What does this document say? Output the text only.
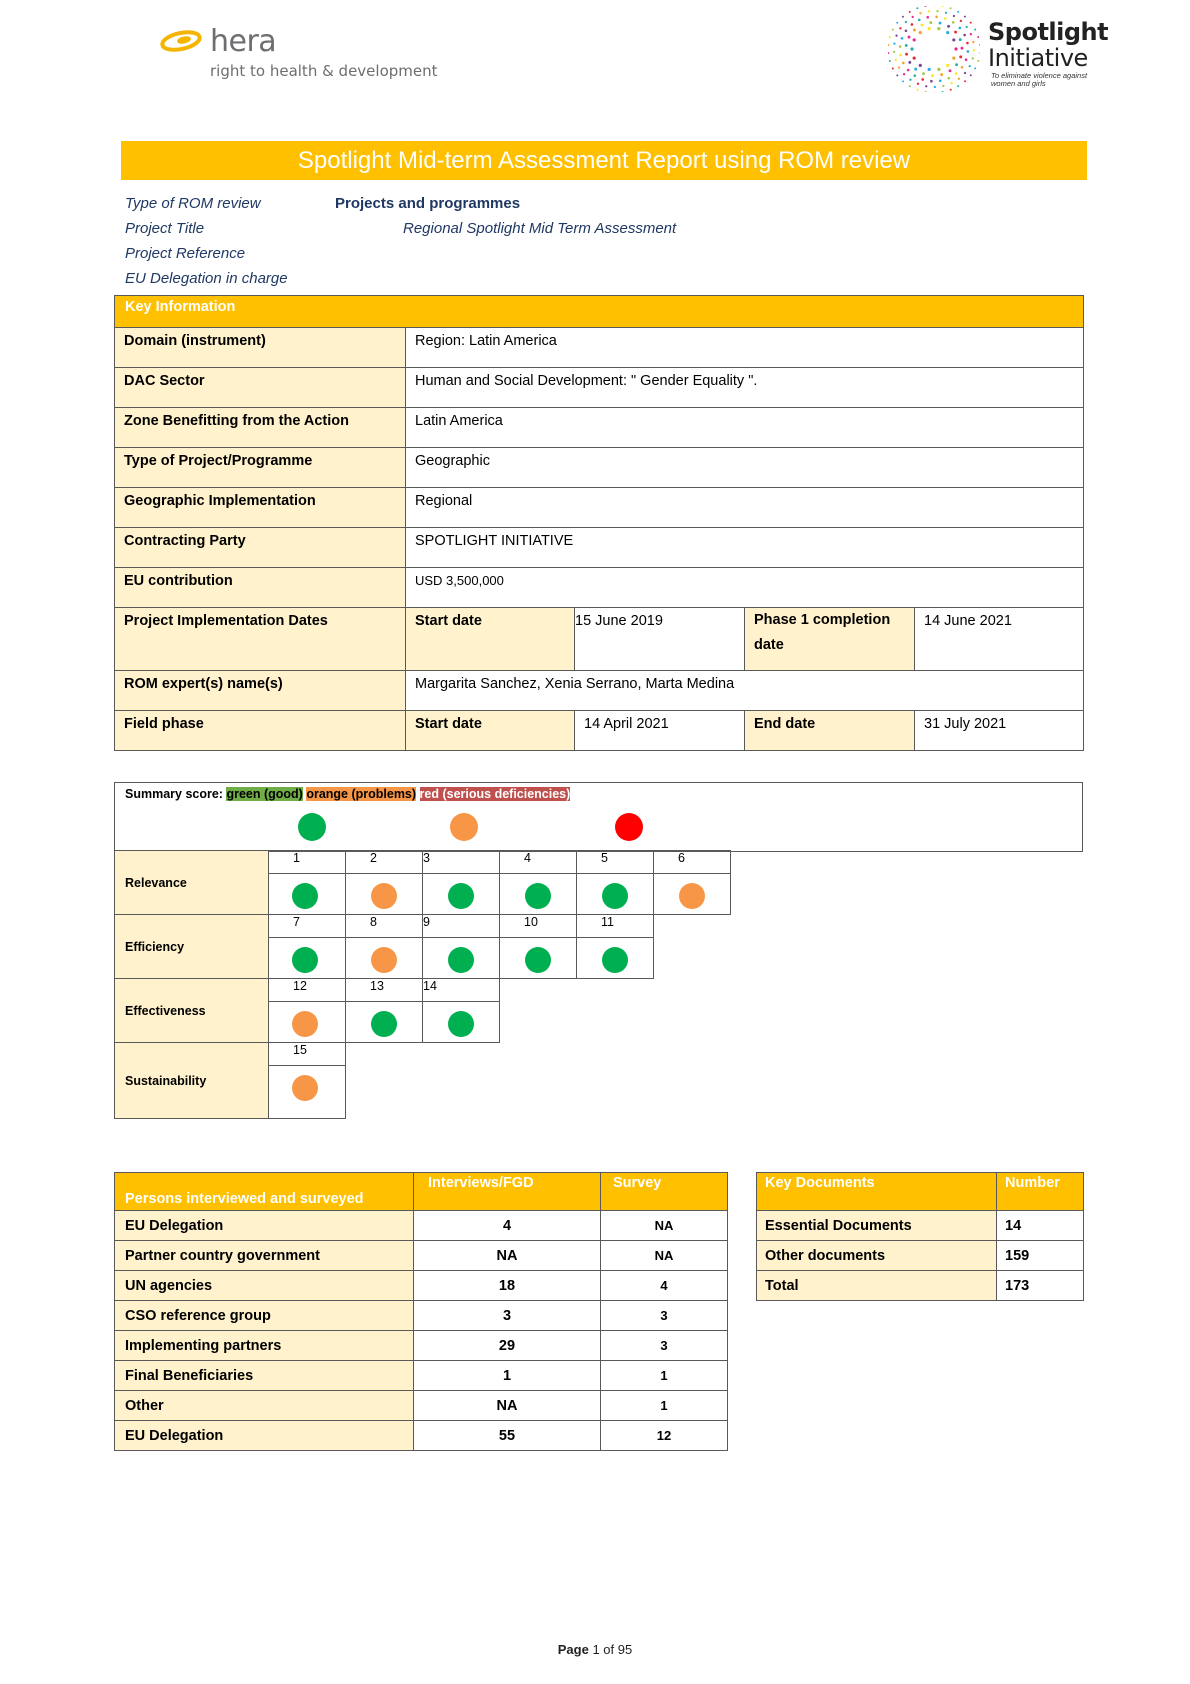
hera
right to health & development
Spotlight
Initiative
To eliminate violence against women and girls
Spotlight Mid-term Assessment Report using ROM review
Type of ROM review	Projects and programmes
Project Title	Regional Spotlight Mid Term Assessment
Project Reference
EU Delegation in charge
Key Information				
Domain (instrument)	Region: Latin America			
DAC Sector	Human and Social Development: " Gender Equality ".			
Zone Benefitting from the Action	Latin America			
Type of Project/Programme	Geographic			
Geographic Implementation	Regional			
Contracting Party	SPOTLIGHT INITIATIVE			
EU contribution	USD 3,500,000			
Project Implementation Dates	Start date	15 June 2019	Phase 1 completion date	14 June 2021
ROM expert(s) name(s)	Margarita Sanchez, Xenia Serrano, Marta Medina			
Field phase	Start date	14 April 2021	End date	31 July 2021
Summary score: green (good) orange (problems) red (serious deficiencies)
Relevance	1	2	3	4	5	6

Efficiency	7	8	9	10	11	

Effectiveness	12	13	14			

Sustainability	15					

Persons interviewed and surveyed	Interviews/FGD	Survey
EU Delegation	4	NA
Partner country government	NA	NA
UN agencies	18	4
CSO reference group	3	3
Implementing partners	29	3
Final Beneficiaries	1	1
Other	NA	1
EU Delegation	55	12
Key Documents	Number
Essential Documents	14
Other documents	159
Total	173
Page 1 of 95
